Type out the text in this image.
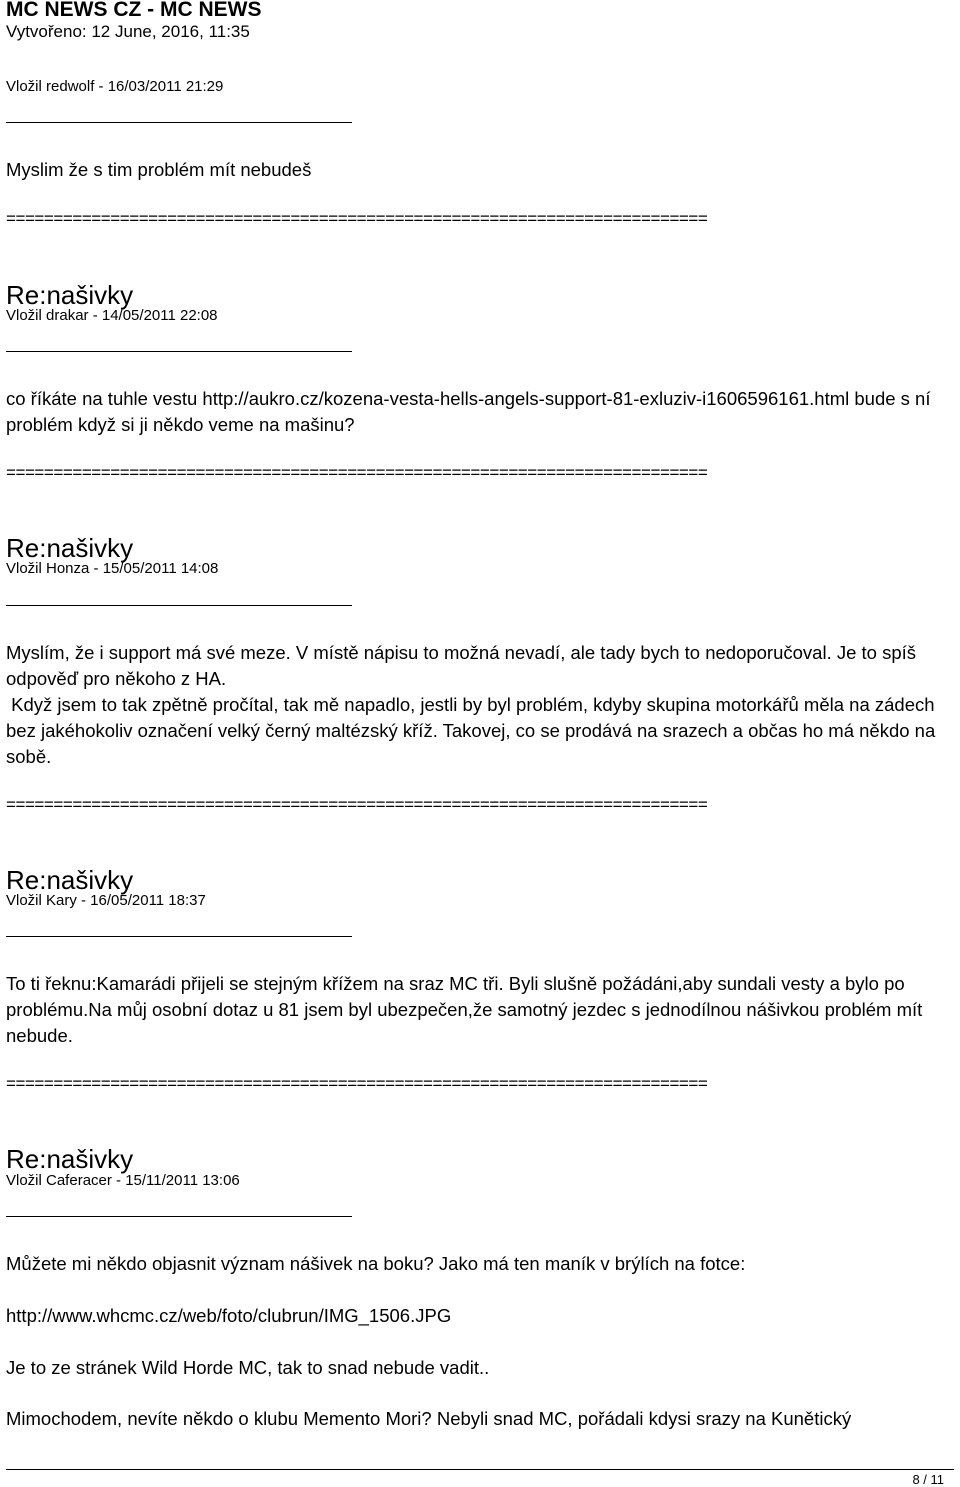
MC NEWS CZ - MC NEWS

Vytvořeno: 12 June, 2016, 11:35

Vložil redwolf - 16/03/2011 21:29

Myslim že s tim problém mít nebudeš

==========================================================================
Re:našivky
Vložil drakar - 14/05/2011 22:08

co říkáte na tuhle vestu http://aukro.cz/kozena-vesta-hells-angels-support-81-exluziv-i1606596161.html bude s ní problém když si ji někdo veme na mašinu?

==========================================================================
Re:našivky
Vložil Honza - 15/05/2011 14:08

Myslím, že i support má své meze. V místě nápisu to možná nevadí, ale tady bych to nedoporučoval. Je to spíš odpověď pro někoho z HA.

Když jsem to tak zpětně pročítal, tak mě napadlo, jestli by byl problém, kdyby skupina motorkářů měla na zádech bez jakéhokoliv označení velký černý maltézský kříž. Takovej, co se prodává na srazech a občas ho má někdo na sobě.

==========================================================================
Re:našivky
Vložil Kary - 16/05/2011 18:37

To ti řeknu:Kamarádi přijeli se stejným křížem na sraz MC tři. Byli slušně požádáni,aby sundali vesty a bylo po problému.Na můj osobní dotaz u 81 jsem byl ubezpečen,že samotný jezdec s jednodílnou nášivkou problém mít nebude.

==========================================================================
Re:našivky
Vložil Caferacer - 15/11/2011 13:06
Můžete mi někdo objasnit význam nášivek na boku? Jako má ten maník v brýlích na fotce:
http://www.whcmc.cz/web/foto/clubrun/IMG_1506.JPG
Je to ze stránek Wild Horde MC, tak to snad nebude vadit..
Mimochodem, nevíte někdo o klubu Memento Mori? Nebyli snad MC, pořádali kdysi srazy na Kunětický
8 / 11
